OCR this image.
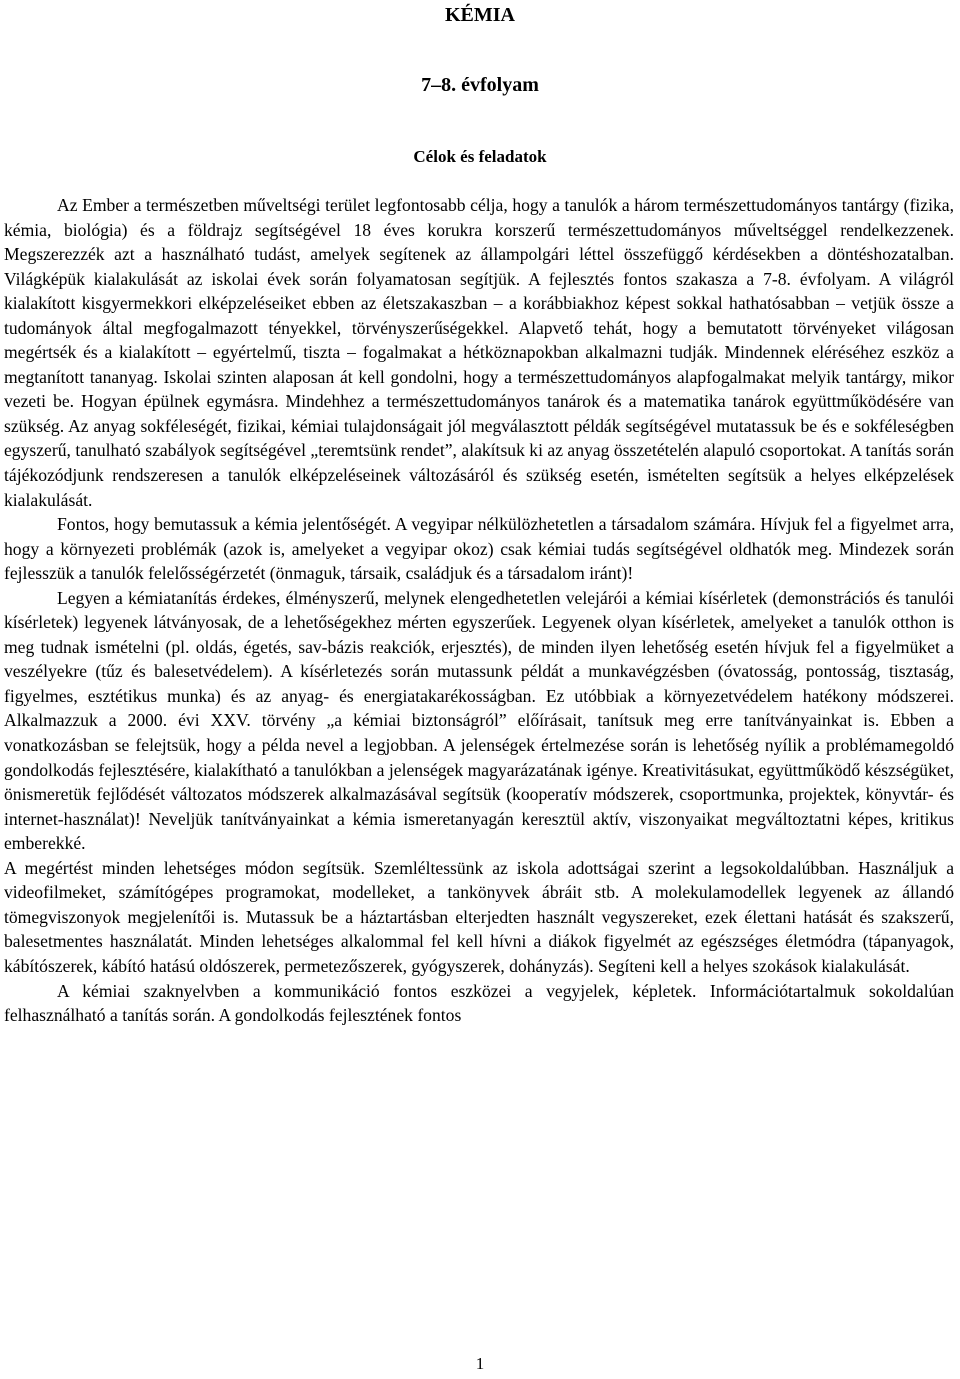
KÉMIA
7–8. évfolyam
Célok és feladatok

Az Ember a természetben műveltségi terület legfontosabb célja, hogy a tanulók a három természettudományos tantárgy (fizika, kémia, biológia) és a földrajz segítségével 18 éves korukra korszerű természettudományos műveltséggel rendelkezzenek. Megszerezzék azt a használható tudást, amelyek segítenek az állampolgári léttel összefüggő kérdésekben a döntéshozatalban. Világképük kialakulását az iskolai évek során folyamatosan segítjük. A fejlesztés fontos szakasza a 7-8. évfolyam. A világról kialakított kisgyermekkori elképzeléseiket ebben az életszakaszban – a korábbiakhoz képest sokkal hathatósabban – vetjük össze a tudományok által megfogalmazott tényekkel, törvényszerűségekkel. Alapvető tehát, hogy a bemutatott törvényeket világosan megértsék és a kialakított – egyértelmű, tiszta – fogalmakat a hétköznapokban alkalmazni tudják. Mindennek eléréséhez eszköz a megtanított tananyag. Iskolai szinten alaposan át kell gondolni, hogy a természettudományos alapfogalmakat melyik tantárgy, mikor vezeti be. Hogyan épülnek egymásra. Mindehhez a természettudományos tanárok és a matematika tanárok együttműködésére van szükség. Az anyag sokféleségét, fizikai, kémiai tulajdonságait jól megválasztott példák segítségével mutatassuk be és e sokféleségben egyszerű, tanulható szabályok segítségével „teremtsünk rendet”, alakítsuk ki az anyag összetételén alapuló csoportokat. A tanítás során tájékozódjunk rendszeresen a tanulók elképzeléseinek változásáról és szükség esetén, ismételten segítsük a helyes elképzelések kialakulását.

Fontos, hogy bemutassuk a kémia jelentőségét. A vegyipar nélkülözhetetlen a társadalom számára. Hívjuk fel a figyelmet arra, hogy a környezeti problémák (azok is, amelyeket a vegyipar okoz) csak kémiai tudás segítségével oldhatók meg. Mindezek során fejlesszük a tanulók felelősségérzetét (önmaguk, társaik, családjuk és a társadalom iránt)!

Legyen a kémiatanítás érdekes, élményszerű, melynek elengedhetetlen velejárói a kémiai kísérletek (demonstrációs és tanulói kísérletek) legyenek látványosak, de a lehetőségekhez mérten egyszerűek. Legyenek olyan kísérletek, amelyeket a tanulók otthon is meg tudnak ismételni (pl. oldás, égetés, sav-bázis reakciók, erjesztés), de minden ilyen lehetőség esetén hívjuk fel a figyelmüket a veszélyekre (tűz és balesetvédelem). A kísérletezés során mutassunk példát a munkavégzésben (óvatosság, pontosság, tisztaság, figyelmes, esztétikus munka) és az anyag- és energiatakarékosságban. Ez utóbbiak a környezetvédelem hatékony módszerei. Alkalmazzuk a 2000. évi XXV. törvény „a kémiai biztonságról” előírásait, tanítsuk meg erre tanítványainkat is. Ebben a vonatkozásban se felejtsük, hogy a példa nevel a legjobban. A jelenségek értelmezése során is lehetőség nyílik a problémamegoldó gondolkodás fejlesztésére, kialakítható a tanulókban a jelenségek magyarázatának igénye. Kreativitásukat, együttműködő készségüket, önismeretük fejlődését változatos módszerek alkalmazásával segítsük (kooperatív módszerek, csoportmunka, projektek, könyvtár- és internet-használat)! Neveljük tanítványainkat a kémia ismeretanyagán keresztül aktív, viszonyaikat megváltoztatni képes, kritikus emberekké.

A megértést minden lehetséges módon segítsük. Szemléltessünk az iskola adottságai szerint a legsokoldalúbban. Használjuk a videofilmeket, számítógépes programokat, modelleket, a tankönyvek ábráit stb. A molekulamodellek legyenek az állandó tömegviszonyok megjelenítői is. Mutassuk be a háztartásban elterjedten használt vegyszereket, ezek élettani hatását és szakszerű, balesetmentes használatát. Minden lehetséges alkalommal fel kell hívni a diákok figyelmét az egészséges életmódra (tápanyagok, kábítószerek, kábító hatású oldószerek, permetezőszerek, gyógyszerek, dohányzás). Segíteni kell a helyes szokások kialakulását.

A kémiai szaknyelvben a kommunikáció fontos eszközei a vegyjelek, képletek. Információtartalmuk sokoldalúan felhasználható a tanítás során. A gondolkodás fejlesztének fontos

1
